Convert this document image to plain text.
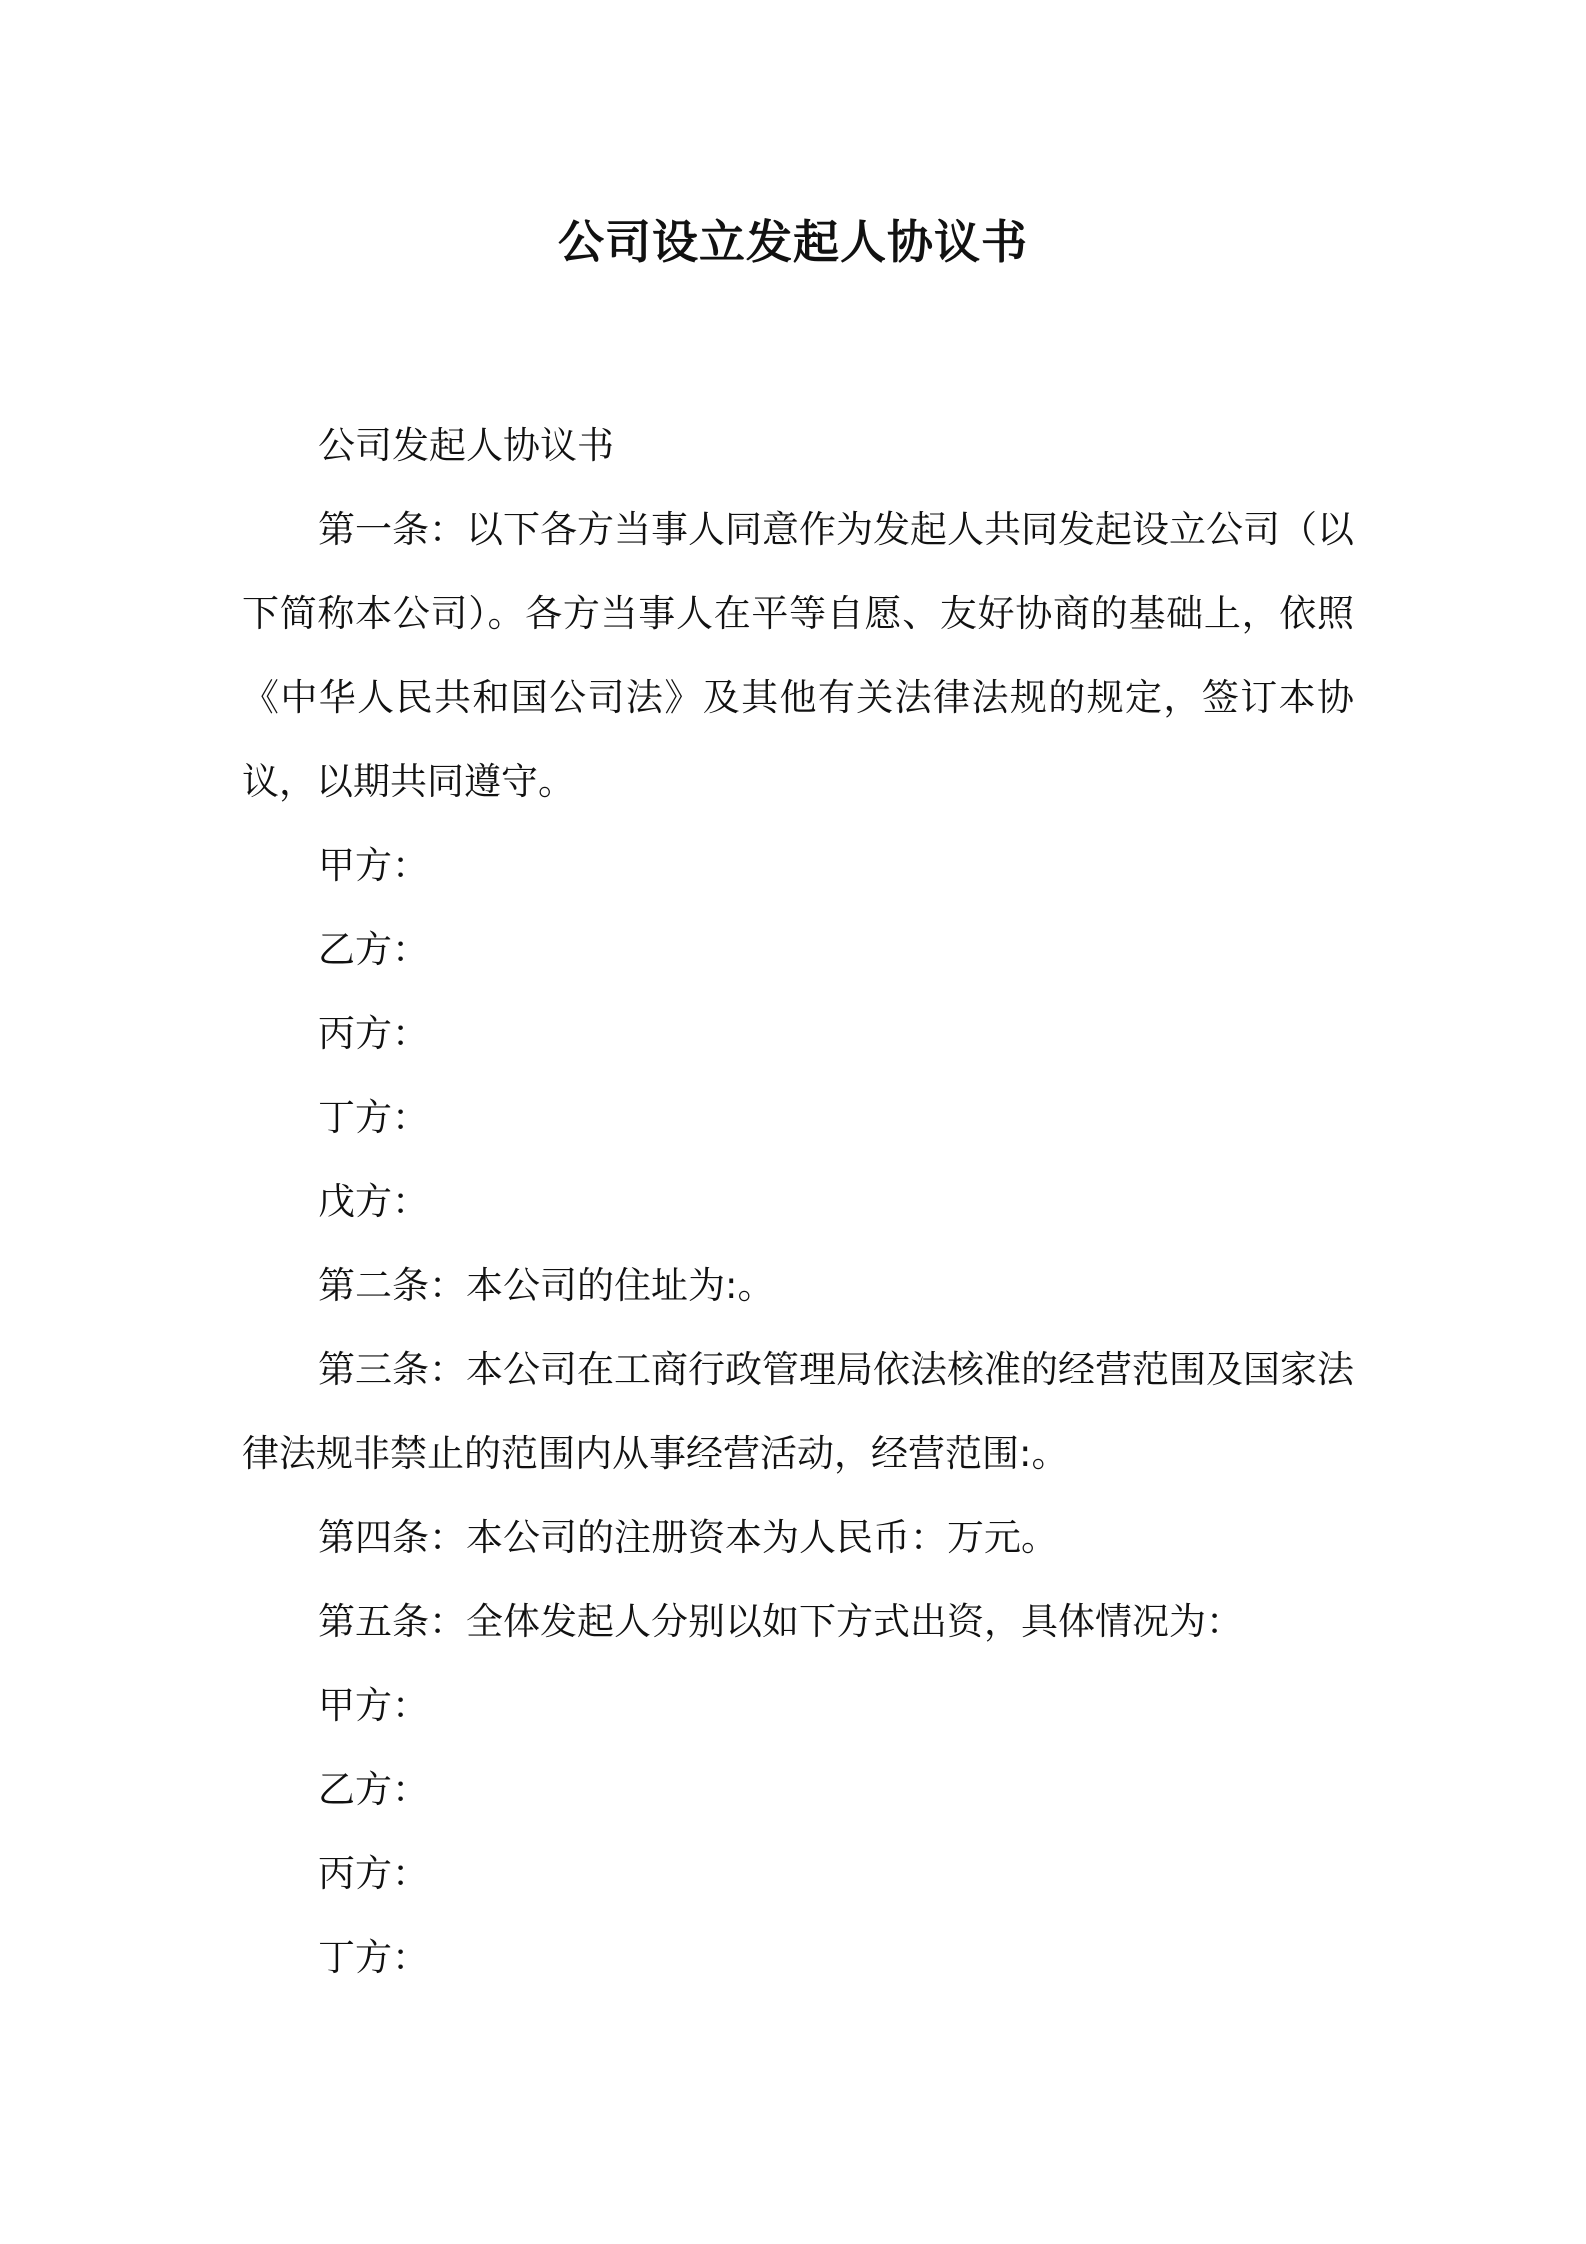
公司设立发起人协议书

公司发起人协议书

第一条：以下各方当事人同意作为发起人共同发起设立公司（以下简称本公司）。各方当事人在平等自愿、友好协商的基础上，依照《中华人民共和国公司法》及其他有关法律法规的规定，签订本协议，以期共同遵守。

甲方：

乙方：

丙方：

丁方：

戊方：

第二条：本公司的住址为:。

第三条：本公司在工商行政管理局依法核准的经营范围及国家法律法规非禁止的范围内从事经营活动，经营范围:。

第四条：本公司的注册资本为人民币：万元。

第五条：全体发起人分别以如下方式出资，具体情况为：

甲方：

乙方：

丙方：

丁方：
